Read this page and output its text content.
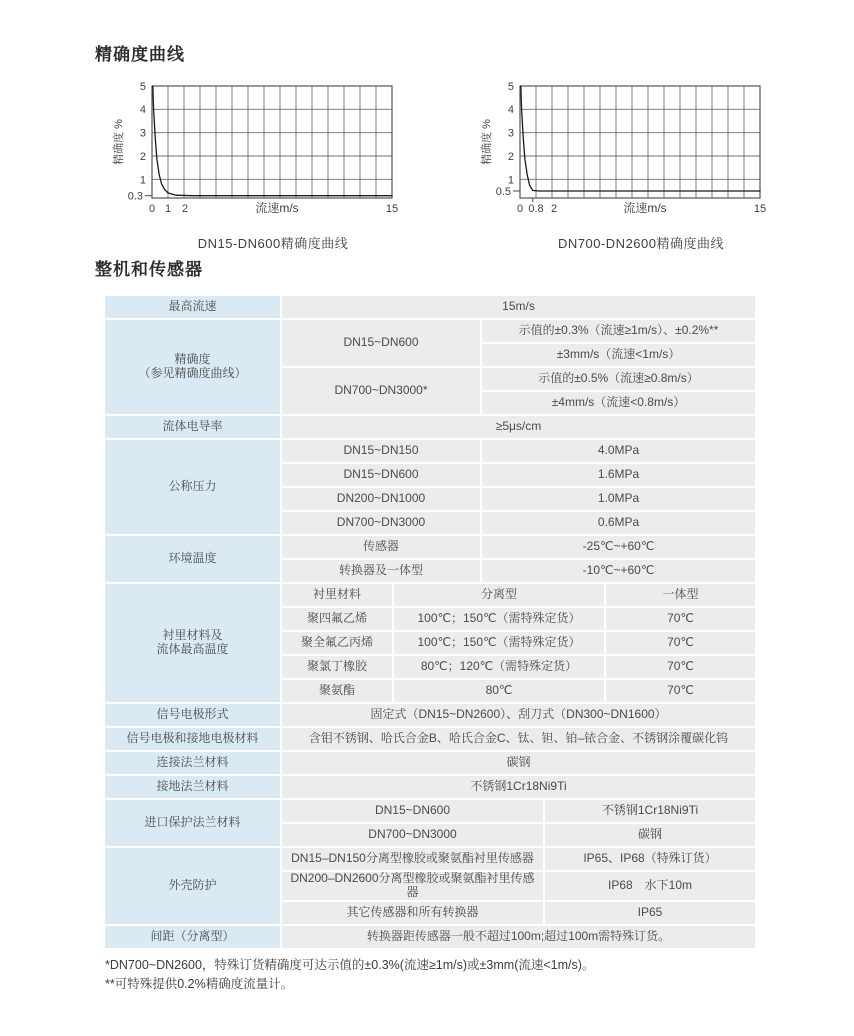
精确度曲线
5
4
3
2
1
0.3
精确度 %
0 1 2	15
流速m/s
DN15-DN600精确度曲线
5
4
3
2
1
0.5
精确度 %
0 0.8 2	15
流速m/s
DN700-DN2600精确度曲线
整机和传感器
最高流速	15m/s				
精确度
（参见精确度曲线）	DN15~DN600		示值的±0.3%（流速≥1m/s）、±0.2%**		
			±3mm/s（流速<1m/s）		
	DN700~DN3000*		示值的±0.5%（流速≥0.8m/s）		
			±4mm/s（流速<0.8m/s）		
流体电导率	≥5μs/cm				
公称压力	DN15~DN150		4.0MPa		
	DN15~DN600		1.6MPa		
	DN200~DN1000		1.0MPa		
	DN700~DN3000		0.6MPa		
环境温度	传感器		-25℃~+60℃		
	转换器及一体型		-10℃~+60℃		
衬里材料及
流体最高温度	衬里材料	分离型			一体型
	聚四氟乙烯	100℃；150℃（需特殊定货）			70℃
	聚全氟乙丙烯	100℃；150℃（需特殊定货）			70℃
	聚氯丁橡胶	80℃；120℃（需特殊定货）			70℃
	聚氨酯	80℃			70℃
信号电极形式	固定式（DN15~DN2600）、刮刀式（DN300~DN1600）				
信号电极和接地电极材料	含钼不锈钢、哈氏合金B、哈氏合金C、钛、钽、铂–铱合金、不锈钢涂覆碳化钨				
连接法兰材料	碳钢				
接地法兰材料	不锈钢1Cr18Ni9Ti				
进口保护法兰材料	DN15~DN600			不锈钢1Cr18Ni9Ti	
	DN700~DN3000			碳钢	
外壳防护	DN15–DN150分离型橡胶或聚氨酯衬里传感器			IP65、IP68（特殊订货）	
	DN200–DN2600分离型橡胶或聚氨酯衬里传感器			IP68　水下10m	
	其它传感器和所有转换器			IP65	
间距（分离型）	转换器距传感器一般不超过100m;超过100m需特殊订货。				
*DN700~DN2600，特殊订货精确度可达示值的±0.3%(流速≥1m/s)或±3mm(流速<1m/s)。
**可特殊提供0.2%精确度流量计。
